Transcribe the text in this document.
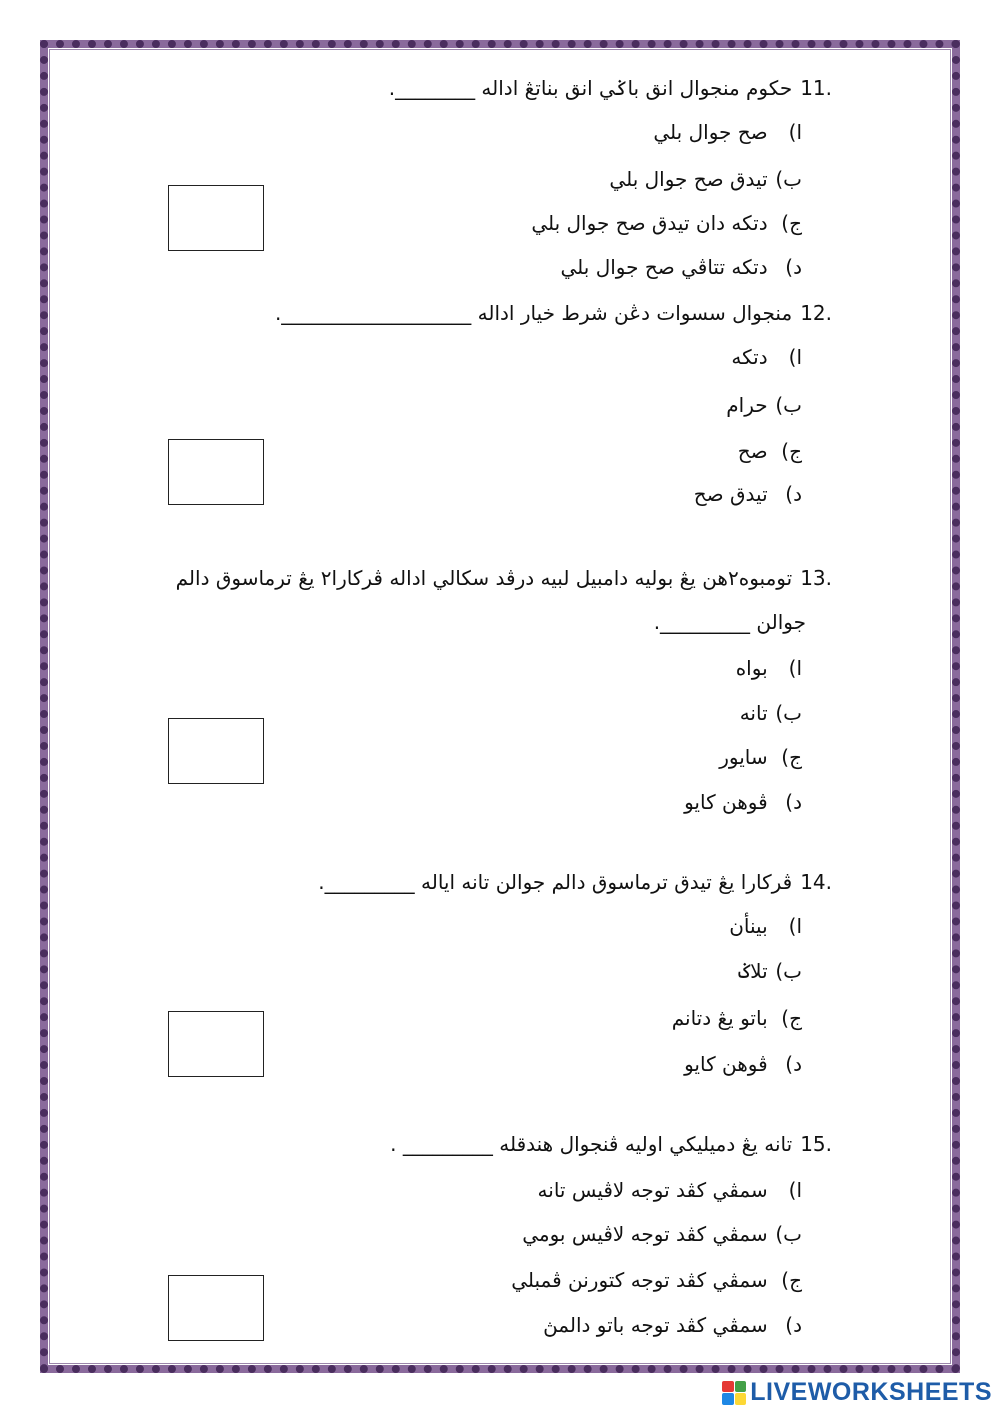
11.حكوم منجوال انق باݢي انق بناتڠ اداله ________.
ا) صح جوال بلي
ب) تيدق صح جوال بلي
ج) دتكه دان تيدق صح جوال بلي
د) دتكه تتاڤي صح جوال بلي
12.منجوال سسوات دڠن شرط خيار اداله ___________________.
ا) دتكه
ب) حرام
ج) صح
د) تيدق صح
13.تومبوه٢هن يڠ بوليه دامبيل لبيه درڤد سكالي اداله ڤركارا٢ يڠ ترماسوق دالم
جوالن _________.
ا) بواه
ب) تانه
ج) سايور
د) ڤوهن كايو
14.ڤركارا يڠ تيدق ترماسوق دالم جوالن تانه اياله _________.
ا) بينأن
ب) تلاݢ
ج) باتو يڠ دتانم
د) ڤوهن كايو
15.تانه يڠ دميليكي اوليه ڤنجوال هندقله _________ .
ا) سمڤي كڤد توجه لاڤيس تانه
ب) سمڤي كڤد توجه لاڤيس بومي
ج) سمڤي كڤد توجه كتورنن ڤمبلي
د) سمڤي كڤد توجه باتو دالمڽ
LIVEWORKSHEETS
